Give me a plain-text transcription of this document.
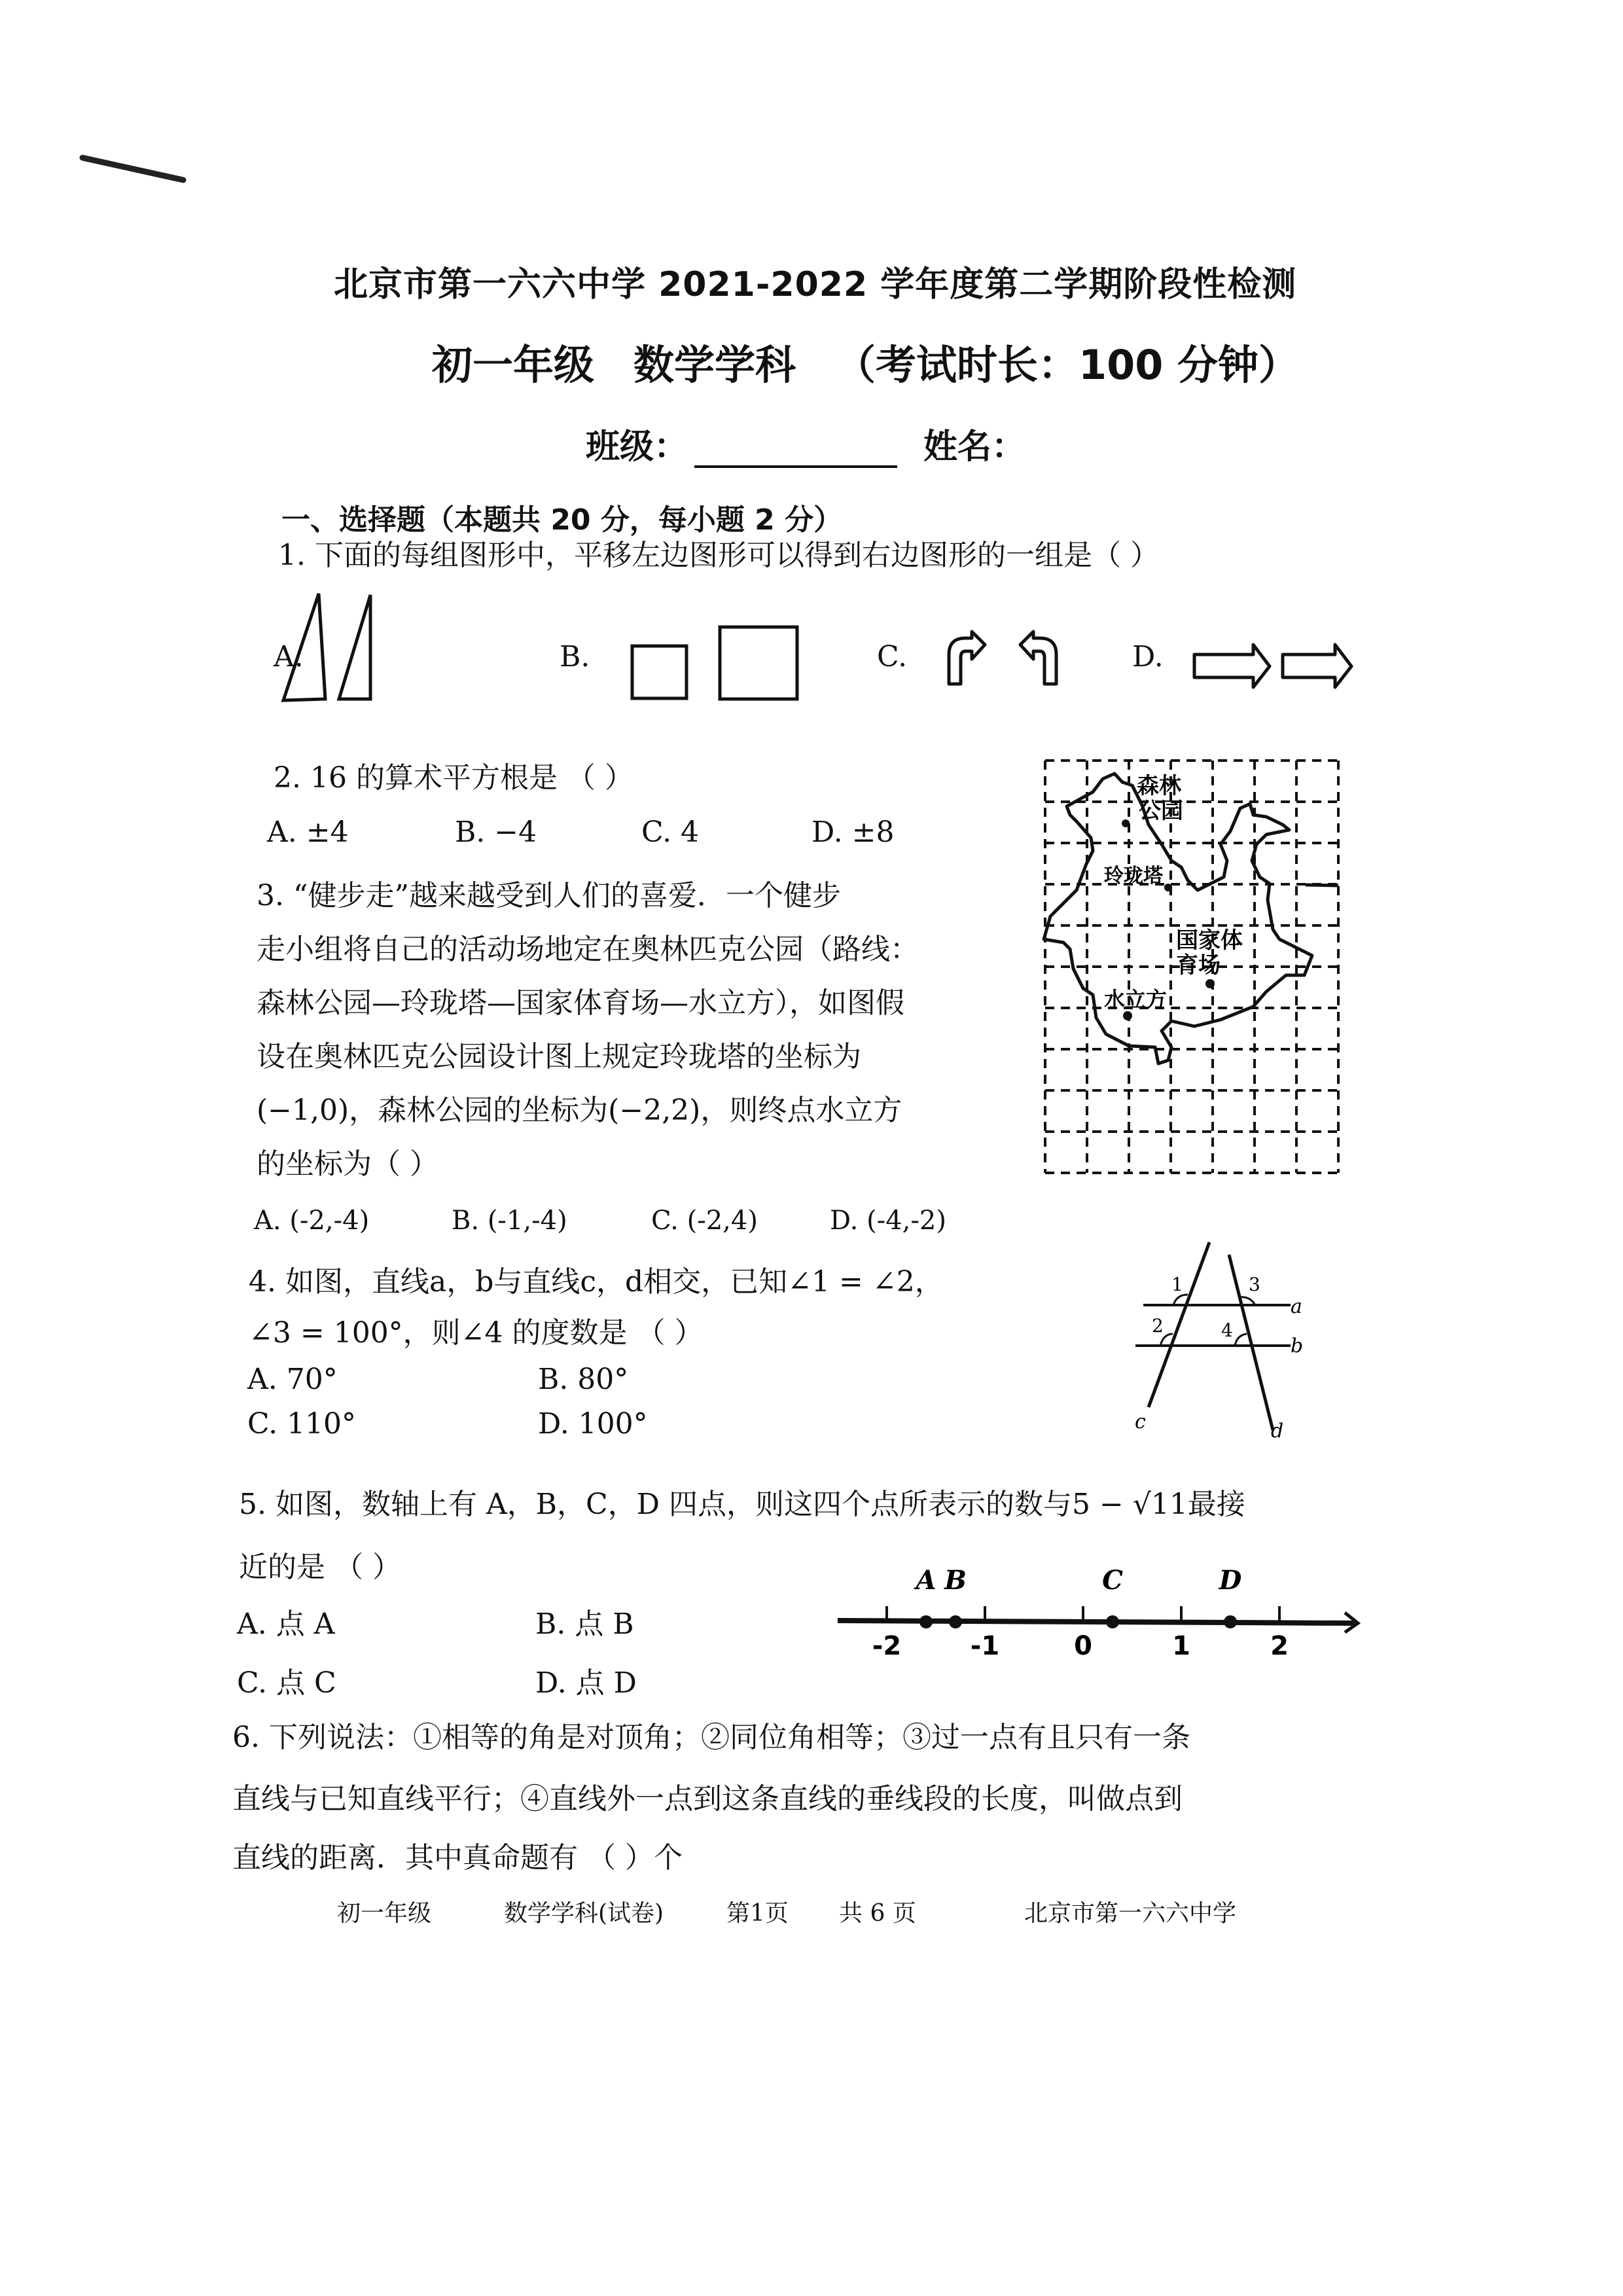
北京市第一六六中学 2021-2022 学年度第二学期阶段性检测
初一年级 数学学科 （考试时长：100 分钟）
班级：	姓名：
一、选择题（本题共 20 分，每小题 2 分）
1. 下面的每组图形中，平移左边图形可以得到右边图形的一组是（ ）
A.	B.	C.	D.
2. 16 的算术平方根是 （ ）
A. ±4	B. −4	C. 4	D. ±8
3. “健步走”越来越受到人们的喜爱．一个健步
走小组将自己的活动场地定在奥林匹克公园（路线：
森林公园—玲珑塔—国家体育场—水立方），如图假
设在奥林匹克公园设计图上规定玲珑塔的坐标为
(−1,0)，森林公园的坐标为(−2,2)，则终点水立方
的坐标为（ ）
森林
公园
玲珑塔
国家体
育场
水立方
A. (-2,-4)	B. (-1,-4)	C. (-2,4)	D. (-4,-2)
4. 如图，直线a，b与直线c，d相交，已知∠1 = ∠2，
∠3 = 100°，则∠4 的度数是 （ ）
A. 70°	B. 80°
C. 110°	D. 100°
1
2
3
4
a
b
c	d
5. 如图，数轴上有 A，B，C，D 四点，则这四个点所表示的数与5 − √11最接
近的是 （ ）
A. 点 A	B. 点 B
C. 点 C	D. 点 D
-2	-1	0	1	2
A B	C	D
6. 下列说法：①相等的角是对顶角；②同位角相等；③过一点有且只有一条
直线与已知直线平行；④直线外一点到这条直线的垂线段的长度，叫做点到
直线的距离．其中真命题有 （ ）个
初一年级	数学学科(试卷)	第1页 共 6 页	北京市第一六六中学
